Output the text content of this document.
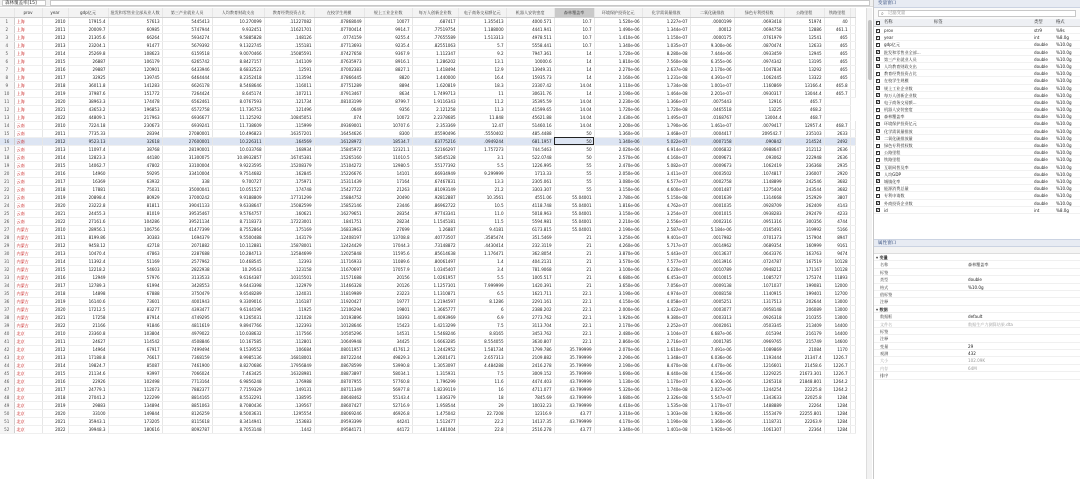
森林覆盖率[15]
	prov	year	gdp亿元	批发和零售业全部从业人数	第三产业就业人员	人均教育财政支出	教育经费投资占比	在校学生规模	规上工业企业数	每万人创新企业数	电子商务交易额亿元	机器人安装密度	森林覆盖率	环境保护投资亿元	化学需氧量排放	二氧化硫排放	绿色专利授权数	公路里程	铁路里程	
1	上海	2010	17915.4	57613	5445413	10.270099	.11227082	.07868049	10077	.687417	1.355413	4000.571	10.7	1.520e-06	1.227e-07	.0000199	.0693418	51974	40	
2	上海	2011	20009.7	60985	5747944	9.932451	.11621701	.07700414	9914.7	.77519754	1.188000	4441.941	10.7	1.490e-06	1.344e-07	.00012	.0694758	12886	461.1	
3	上海	2012	21305.6	66264	5934274	9.5885828	.148126	.0774159	9255.4	.77655589	1.513313	4978.511	10.7	1.410e-06	1.150e-07	.0000175	.0761979	12541	465	
4	上海	2013	23204.1	91477	5679392	9.1322745	.155181	.07713693	9235.4	.82551063	5.7	5558.441	10.7	1.340e-06	1.035e-07	9.300e-06	.0870474	12633	465	
5	上海	2014	25269.8	108623	6159518	9.0070466	.15085591	.07427658	9367.9	1.112347	9.2	7947.361	14	1.720e-06	8.280e-08	7.444e-06	.0933459	12945	465	
6	上海	2015	26887	106179	6265742	8.8427157	.141109	.07635973	8916.1	1.286202	13.1	10000.6	14	1.810e-06	7.560e-08	6.355e-06	.0974342	13195	465	
7	上海	2016	29887	120901	6433946	8.6832523	.12591	.07002383	8827.1	1.418494	12.9	13949.31	14	2.270e-06	2.637e-08	2.170e-06	.1047834	13292	465	
8	上海	2017	32925	139745	6464444	8.2352418	.113594	.07866445	8820	1.440000	16.4	15935.73	14	2.160e-06	1.231e-08	4.391e-07	.1062445	13322	465	
9	上海	2018	36011.8	141283	6626178	8.5468646	.116011	.07751289	8894	1.620819	18.3	23307.42	14.04	3.110e-06	1.734e-08	1.001e-07	.1160869	13166.4	465.8	
10	上海	2019	37987.6	151772	7264424	8.645174	.107211	.07913467	8634	1.7499713	11	30631.76	14	2.190e-06	1.464e-08	2.201e-07	.0930317	13044.4	465.7	
11	上海	2020	38963.3	174478	6562461	8.0767593	.121734	.08103199	8799.7	1.9116343	11.2	35395.59	14.04	2.230e-06	1.366e-07	.0075443	12916	465.7		
12	上海	2021	43653.2	196853	6572758	11.736753	.121496	.0649	9356	2.121258	11.3	41599.65	14.04	1.720e-06	1.720e-08	.0465518	13225	468.2		
13	上海	2022	44809.1	217963	6936677	11.125292	.10845051	.074	10072	2.2378685	11.848	45621.88	14.04	2.430e-06	1.495e-07	.0168767	13004.4	468.7		
14	云南	2010	7224.18	230673	6939241	11.738609	.115999	.09369001	10707.6	2.353369	12.47	51460.16	14.04	2.200e-06	1.790e-06	1.461e-07	.0079417	12957.4	468.7	
15	云南	2011	7735.33	28394	27080001	10.496823	.16357201	.16454626	8300	.05590496	.5550402	485.4488	50	1.360e-06	3.468e-07	.0004417	209542.7	235103	2633	
16	云南	2012	9523.13	32618	27600001	10.226311	.164569	.16128972	18534.7	.63775216	.0949244	681.1957	50	1.340e-06	5.022e-07	.0007158	.090842	214524	2492	
17	云南	2013	11097.4	38768	28190001	10.033768	.168934	.15845972	12321.1	.52166297	1.757273	744.5463	50	2.020e-06	6.914e-07	.0006832	.0988647	212112	2636	
18	云南	2014	12823.3	44180	31300075	10.8932857	.16745381	.15265160	11010.5	.58545128	3.1	522.0748	50	2.570e-06	4.160e-07	.0009671	.093062	222948	2636	
19	云南	2015	14062.7	47802	33100004	9.9223595	.15208379	.15104272	12980.5	.55177392	5.5	1226.995	55	2.470e-06	5.082e-07	.0009673	.1062419	236368	2935	
20	云南	2016	14960	59295	33410004	9.7514682	.162845	.15226676	14101	.66934949	9.299999	1713.33	55	2.050e-06	3.411e-07	.0003502	.1074817	236007	2920	
21	云南	2017	16369	63932	338	9.700727	.175971	.15311439	17164	.67467831	13.3	2305.061	55	3.080e-06	6.577e-07	.0002758	.1148899	242546	3682	
22	云南	2018	17881	75031	35000041	10.051527	.174748	.15427722	21263	.81093149	21.2	3303.307	55	3.150e-06	4.600e-07	.0001487	.1275404	243544	3682	
23	云南	2019	20898.4	80929	37000242	9.9188809	.17731299	.15884752	20490	.92812887	10.3561	4551.06	55.04001	2.780e-06	5.150e-08	.0001639	.1314668	252929	3807	
24	云南	2020	23222.8	81811	39041133	9.6338647	.15082599	.15852146	23446	.86962722	10.5	4118.748	55.04001	1.816e-06	4.762e-07	.0001035	.0928709	262409	4143	
25	云南	2021	24455.3	81019	39535467	9.5764757	.160621	.16279651	28354	.97743341	11.0	5018.963	55.04001	3.150e-06	3.254e-07	.0001015	.0938283	292479	4233	
26	云南	2022	27161.6	104286	39521134	8.7118373	.17223001	.1841751	28234	1.1545181	11.5	5594.981	55.04001	2.210e-06	2.556e-07	.0002316	.0951316	300356	4744	
27	内蒙古	2010	28956.1	106756	41477399	8.7552864	.175169	.16833963	27699	1.26887	9.4181	6173.815	55.04001	2.190e-06	2.587e-07	5.184e-06	.0165491	319992	5166	
28	内蒙古	2011	8199.86	30383	1694379	9.5500488	.143179	.12408197	13708.8	.40773507	.3585474	351.5469	21	3.250e-06	9.401e-07	.0017982	.0701373	157904	8947	
29	内蒙古	2012	9458.12	42718	2071882	10.112881	.15878001	.12424429	17044.3	.73148872	.4430414	232.3119	21	4.260e-06	5.717e-07	.0014962	.0689354	160999	9161	
30	内蒙古	2013	10470.4	47863	2287688	10.284713	.12584699	.12025848	11595.6	.85614638	1.176471	362.8054	21	3.870e-06	5.443e-07	.0013637	.0643376	163763	9474	
31	内蒙古	2014	11392.4	51169	2577962	10.468545	.12393	.11716933	11089.6	.80061497	1.4	404.2131	21	3.570e-06	7.577e-07	.0013916	.0724787	167519	10128	
32	内蒙古	2015	12218.2	54603	2822938	10.29543	.123158	.11670697	17057.9	1.0345407	3.4	781.9068	21	3.100e-06	6.220e-07	.0010789	.0948212	171167	10128	
33	内蒙古	2016	12949	57976	3133533	9.6164387	.10315501	.11571688	20156	1.0261957	5.5	1005.517	21	6.680e-06	6.453e-07	.0010015	.1085727	175374	11893	
34	内蒙古	2017	12789.3	61994	3428553	9.6443398	.122979	.11466328	20126	1.1257301	7.999999	1420.391	21	3.650e-06	7.056e-07	.0009138	.1071037	199081	12000	
35	内蒙古	2018	14898	67888	3750479	9.6548289	.124031	.11819989	23223	1.1310871	6.5	1621.711	22.1	3.190e-06	4.974e-07	.0008158	.1140915	199401	12700	
36	内蒙古	2019	16140.6	73601	4001943	9.3309016	.116187	.11920427	19777	1.2194597	8.1286	2291.161	22.1	4.150e-06	4.058e-07	.0005251	.1317513	202644	13000	
37	内蒙古	2020	17212.5	83277	4393477	9.6144196	.11925	.12106294	19801	1.3665777	6	2388.202	22.1	2.000e-06	3.422e-07	.0003077	.0958148	206089	13000	
38	内蒙古	2021	17258	87914	4749295	9.1265031	.121028	.10193896	18393	1.4093969	6.9	2773.762	22.1	1.920e-06	9.380e-07	.0003313	.0926318	210355	13000	
39	内蒙古	2022	21166	91846	4811619	9.8947766	.122393	.10128646	15423	1.4213299	7.5	3113.704	22.1	2.170e-06	2.252e-07	.0002061	.0503345	213409	14400	
40	北京	2010	23360.8	103804	4979022	10.038632	.117566	.10505296	14531	1.5468246	8.8165	3453.762	22.1	2.480e-06	3.104e-07	6.687e-06	.015394	216179	14400	
41	北京	2011	24627	114542	4508846	10.167585	.112801	.10649948	34425	1.6663285	8.554055	3630.807	22.1	2.860e-06	2.716e-07	.0001785	.0969765	215749	14600	
42	北京	2012	14964	67917	7499494	9.1539552	.106684	.08011957	41761.2	1.2442952	1.581734	1799.786	35.799999	2.070e-06	1.610e-07	7.491e-06	.1089869	21084	1170	
43	北京	2013	17188.8	76617	7368159	8.9985136	.16818001	.08722244	49829.3	1.2601471	2.657313	2109.882	35.799999	2.290e-06	1.348e-07	6.036e-06	.1193444	21347.4	1226.7	
44	北京	2014	19824.7	85087	7461900	8.8270686	.17956849	.08678599	53990.8	1.3053097	4.484288	2416.278	35.799999	2.190e-06	8.470e-08	4.470e-06	.1216601	21458.6	1226.7	
45	北京	2015	21134.6	93997	7066024	7.463425	.16328981	.08873897	58034.1	1.315931	7.5	3009.152	35.799999	1.690e-06	8.440e-08	4.156e-06	.1229225	21673.301	1226.7	
46	北京	2016	22926	102498	7713164	6.9856248	.176988	.08707955	57760.8	1.796299	11.6	4474.403	43.799999	1.130e-06	1.170e-07	6.302e-06	.1265318	21848.801	1264.2	
47	北京	2017	24779.1	112073	7882377	7.7159329	.149131	.08711349	56977.8	1.8239119	16	4711.077	43.799999	5.320e-06	1.740e-08	2.027e-06	.1244254	22225.8	1264.2	
48	北京	2018	27041.2	122299	8814165	8.5532291	.138595	.08648462	55143.4	1.836379	18	7845.69	43.799999	3.680e-06	2.326e-08	5.547e-07	.1343633	22025.8	1284	
49	北京	2019	29883	134894	8851063	8.7080436	.139567	.08607427	52716.9	1.958544	29	10032.23	43.799999	4.410e-06	1.535e-08	3.170e-07	.1488889	22264	1284	
50	北京	2020	33100	149844	8126259	8.5003631	.1295554	.08069246	46926.8	1.475042	22.7208	12316.9	43.77	3.310e-06	1.303e-08	1.920e-06	.1553479	22255.801	1284	
51	北京	2021	35943.1	173205	8115618	8.3414941	.153683	.09593399	44241	1.512477	22.2	14137.35	43.799999	4.170e-06	1.190e-08	1.360e-06	.1118731	22263.9	1284	
52	北京	2022	39948.3	180616	8092787	8.7053148	.1442	.09584171	44172	1.481004	22.8	2516.278	43.77	3.340e-06	1.401e-08	1.920e-06	.1061307	22364	1284	
变量窗口
⌕ 过滤变量
✓
名称	标签	类型	格式
✓
prov	str9	%9s
✓
year	int	%8.0g
✓
gdp亿元	double	%10.0g
✓
批发和零售业全部...	double	%10.0g
✓
第三产业就业人员	double	%10.0g
✓
人均教育财政支出	double	%10.0g
✓
教育经费投资占比	double	%10.0g
✓
在校学生规模	double	%10.0g
✓
规上工业企业数	double	%10.0g
✓
每万人创新企业数	double	%10.0g
✓
电子商务交易额...	double	%10.0g
✓
机器人安装密度	double	%10.0g
✓
森林覆盖率	double	%10.0g
✓
环境保护投资亿元	double	%10.0g
✓
化学需氧量排放	double	%10.0g
✓
二氧化硫排放量	double	%10.0g
✓
绿色专利授权数	double	%10.0g
✓
公路里程	double	%10.0g
✓
铁路里程	double	%10.0g
✓
互联网普及率	double	%10.0g
✓
人均GDP	double	%10.0g
✓
城镇化率	double	%10.0g
✓
能源消费总量	double	%10.0g
✓
专利申请数	double	%10.0g
✓
外商投资企业数	double	%10.0g
✓
id	int	%8.0g
属性窗口
▾ 变量
名称	森林覆盖率
标签
类型	double
格式	%10.0g
值标签
注释
▾ 数据
数据框	default
文件名	数据生产力测算结果.dta
标签
注释
变量	29
观测	432
大小	102.09K
内存	64M
排序
